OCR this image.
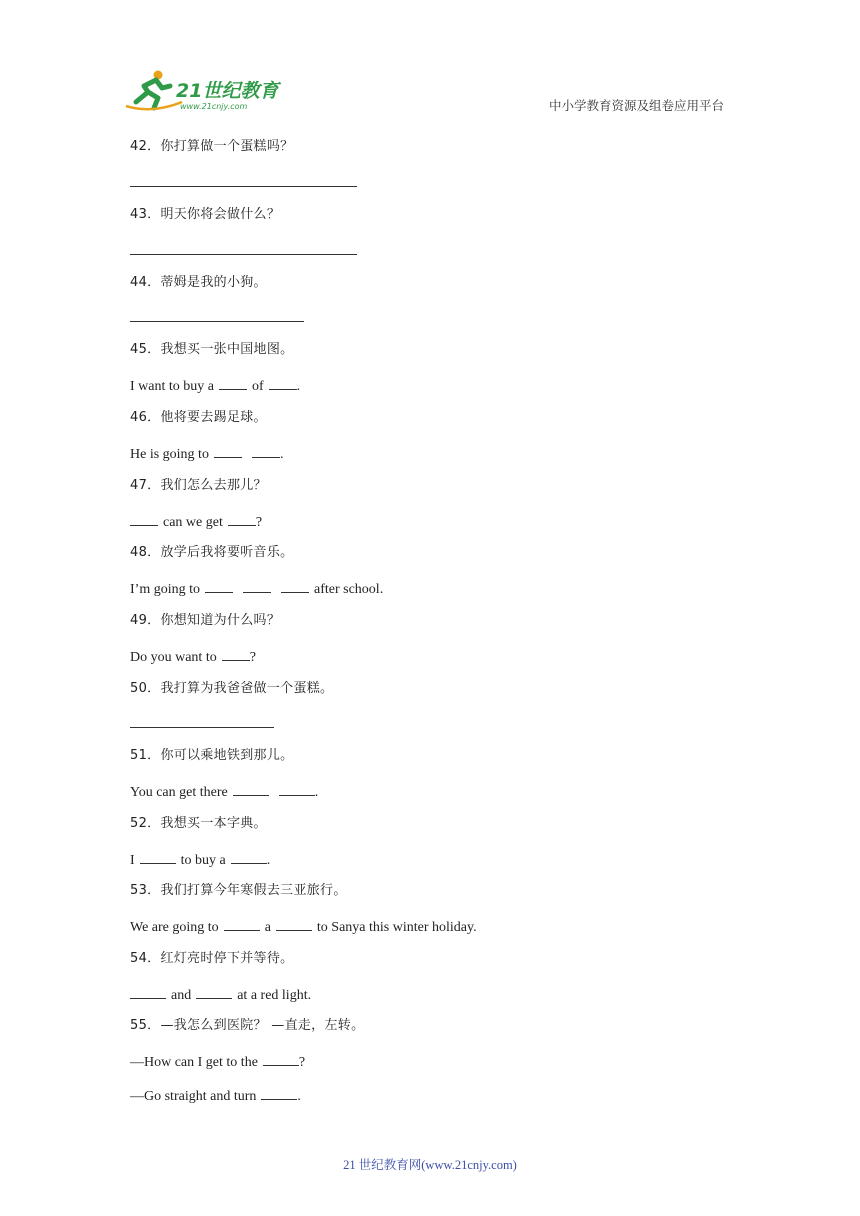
21世纪教育
www.21cnjy.com	中小学教育资源及组卷应用平台
42．你打算做一个蛋糕吗？
43．明天你将会做什么？
44．蒂姆是我的小狗。
45．我想买一张中国地图。
I want to buy a	of .
46．他将要去踢足球。
He is going to	.
47．我们怎么去那儿？
can we get ?
48．放学后我将要听音乐。
I’m going to	after school.
49．你想知道为什么吗？
Do you want to ?
50．我打算为我爸爸做一个蛋糕。
51．你可以乘地铁到那儿。
You can get there	.
52．我想买一本字典。
I	to buy a	.
53．我们打算今年寒假去三亚旅行。
We are going to	a	to Sanya this winter holiday.
54．红灯亮时停下并等待。
and	at a red light.
55．—我怎么到医院？ —直走，左转。
—How can I get to the	?
—Go straight and turn	.
21 世纪教育网(www.21cnjy.com)
